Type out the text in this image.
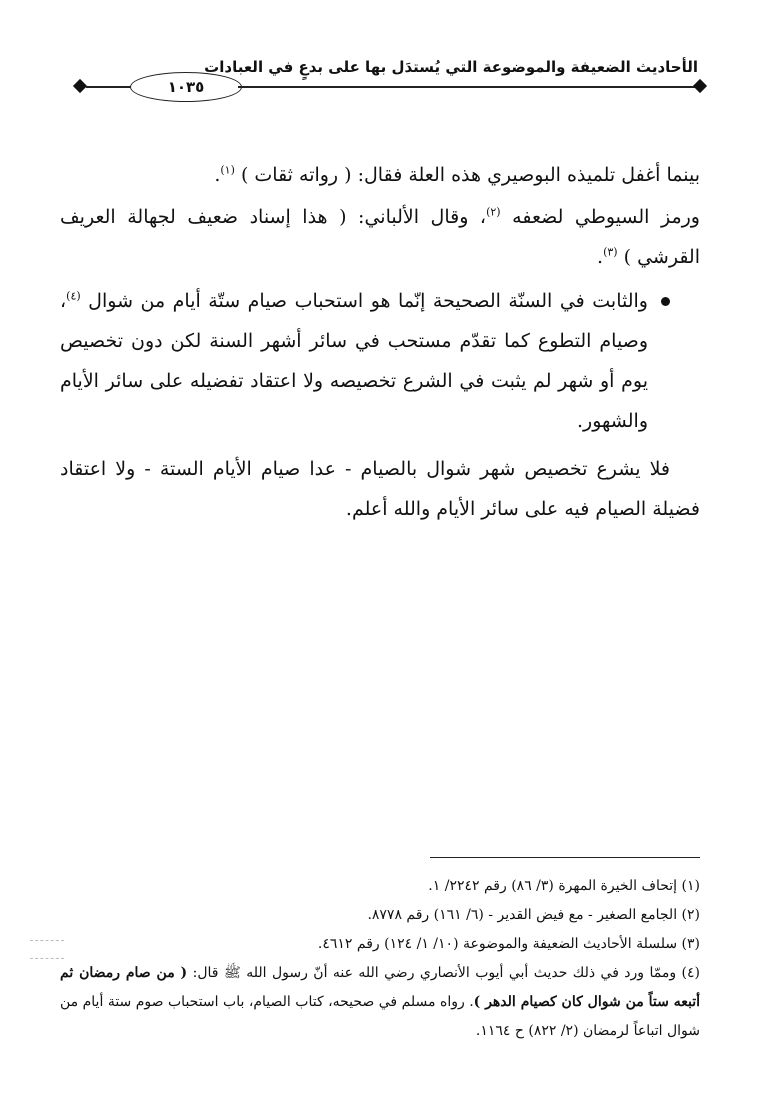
الأحاديث الضعيفة والموضوعة التي يُستدَل بها على بدعٍ في العبادات
١٠٣٥

بينما أغفل تلميذه البوصيري هذه العلة فقال: ( رواته ثقات ) $^{(١)}$.

ورمز السيوطي لضعفه $^{(٢)}$، وقال الألباني: ( هذا إسناد ضعيف لجهالة العريف القرشي ) $^{(٣)}$.

والثابت في السنّة الصحيحة إنّما هو استحباب صيام ستّة أيام من شوال $^{(٤)}$، وصيام التطوع كما تقدّم مستحب في سائر أشهر السنة لكن دون تخصيص يوم أو شهر لم يثبت في الشرع تخصيصه ولا اعتقاد تفضيله على سائر الأيام والشهور.

فلا يشرع تخصيص شهر شوال بالصيام - عدا صيام الأيام الستة - ولا اعتقاد فضيلة الصيام فيه على سائر الأيام والله أعلم.

(١) إتحاف الخيرة المهرة (٣/ ٨٦) رقم ٢٢٤٢/ ١.

(٢) الجامع الصغير - مع فيض القدير - (٦/ ١٦١) رقم ٨٧٧٨.

(٣) سلسلة الأحاديث الضعيفة والموضوعة (١٠/ ١/ ١٢٤) رقم ٤٦١٢.

(٤) وممّا ورد في ذلك حديث أبي أيوب الأنصاري رضي الله عنه أنّ رسول الله ﷺ قال: ( من صام رمضان ثم أتبعه ستاً من شوال كان كصيام الدهر ). رواه مسلم في صحيحه، كتاب الصيام، باب استحباب صوم ستة أيام من شوال اتباعاً لرمضان (٢/ ٨٢٢) ح ١١٦٤.
